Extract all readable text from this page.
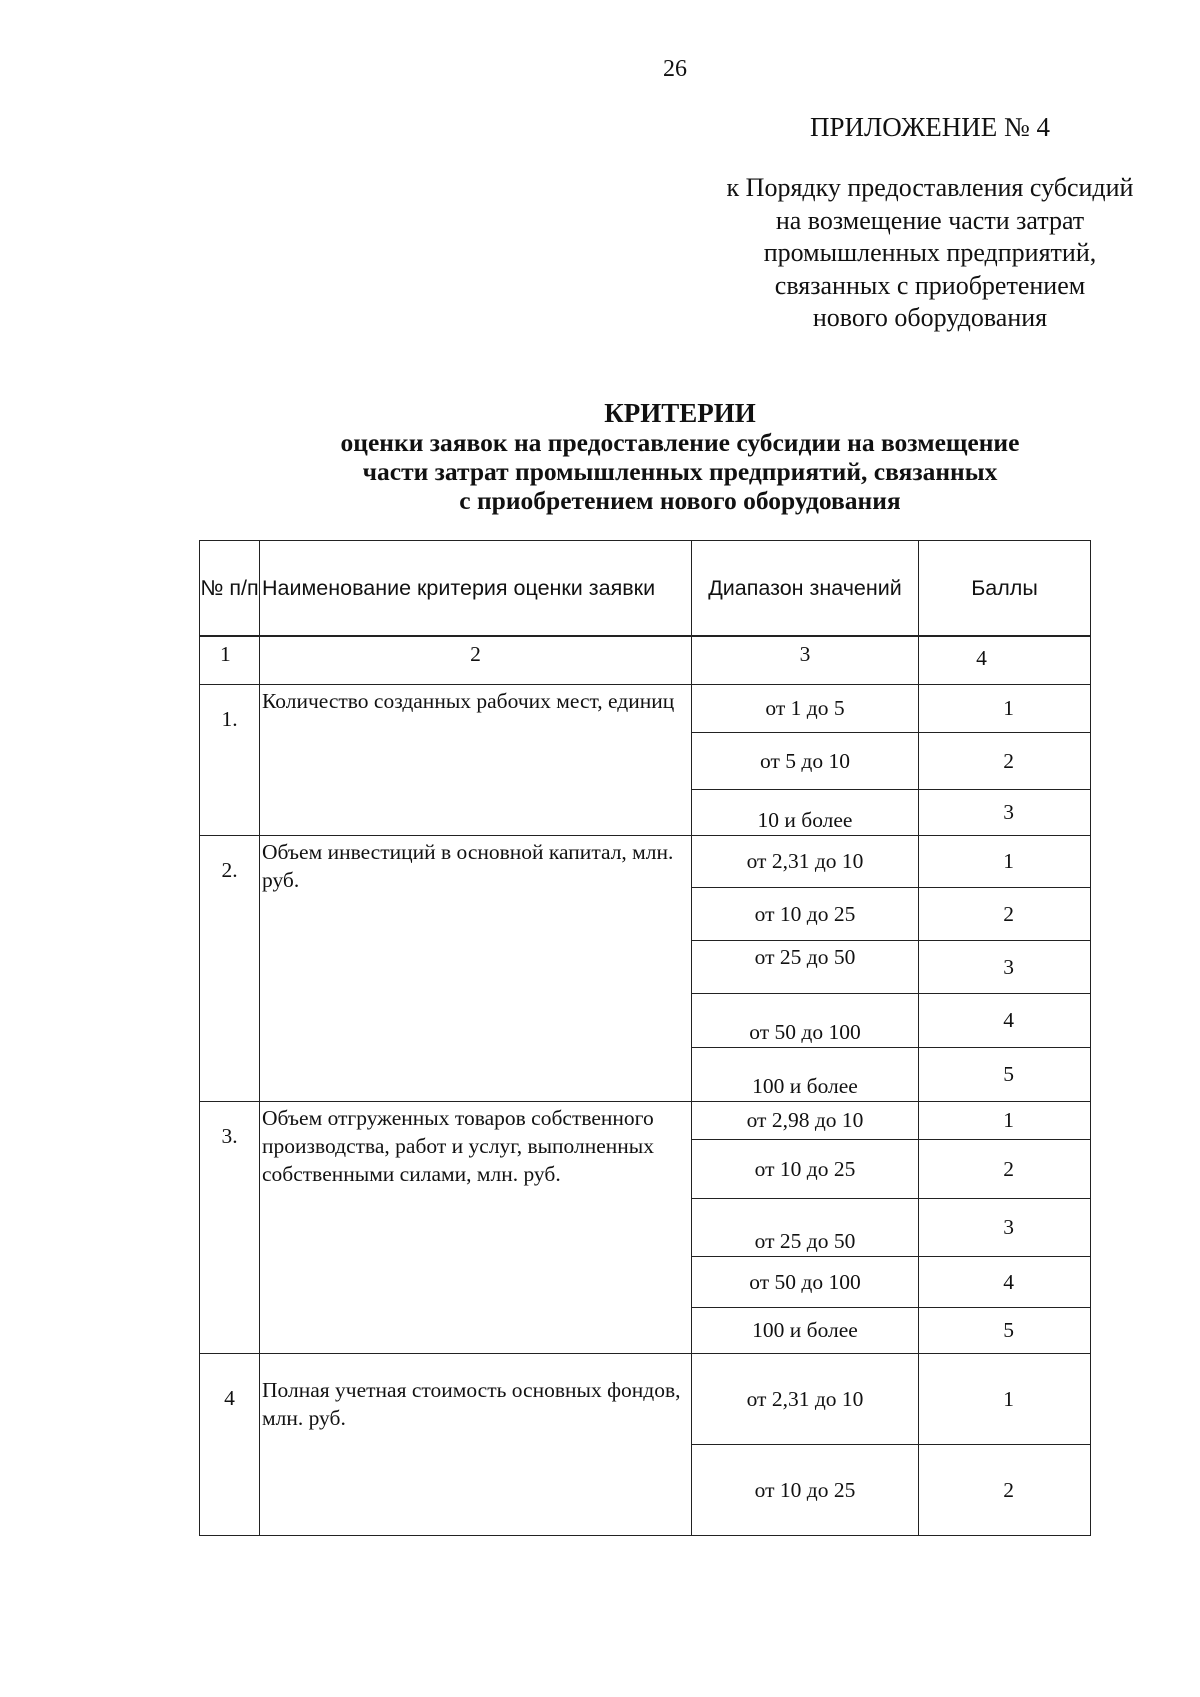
26
ПРИЛОЖЕНИЕ № 4
к Порядку предоставления субсидий
на возмещение части затрат
промышленных предприятий,
связанных с приобретением
нового оборудования
КРИТЕРИИ
оценки заявок на предоставление субсидии на возмещение
части затрат промышленных предприятий, связанных
с приобретением нового оборудования
№ п/п	Наименование критерия оценки заявки	Диапазон значений	Баллы

1	2	3	4
1.	Количество созданных рабочих мест, единиц	от 1 до 5	1
		от 5 до 10	2
		10 и более	3
2.	Объем инвестиций в основной капитал, млн. руб.	от 2,31 до 10	1
		от 10 до 25	2
		от 25 до 50	3
		от 50 до 100	4
		100 и более	5
3.	Объем отгруженных товаров собственного производства, работ и услуг, выполненных собственными силами, млн. руб.	от 2,98 до 10	1
		от 10 до 25	2
		от 25 до 50	3
		от 50 до 100	4
		100 и более	5
4	Полная учетная стоимость основных фондов, млн. руб.	от 2,31 до 10	1
		от 10 до 25	2
